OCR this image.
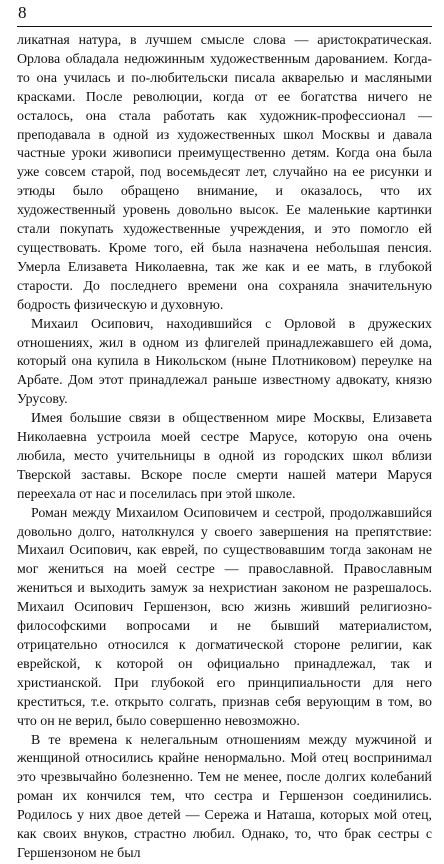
8

ликатная натура, в лучшем смысле слова — аристократическая. Орлова обладала недюжинным художественным дарованием. Когда-то она училась и по-любительски писала акварелью и масляными красками. После революции, когда от ее богатства ничего не осталось, она стала работать как художник-профессионал — преподавала в одной из художественных школ Москвы и давала частные уроки живописи преимущественно детям. Когда она была уже совсем старой, под восемьдесят лет, случайно на ее рисунки и этюды было обращено внимание, и оказалось, что их художественный уровень довольно высок. Ее маленькие картинки стали покупать художественные учреждения, и это помогло ей существовать. Кроме того, ей была назначена небольшая пенсия. Умерла Елизавета Николаевна, так же как и ее мать, в глубокой старости. До последнего времени она сохраняла значительную бодрость физическую и духовную.

Михаил Осипович, находившийся с Орловой в дружеских отношениях, жил в одном из флигелей принадлежавшего ей дома, который она купила в Никольском (ныне Плотниковом) переулке на Арбате. Дом этот принадлежал раньше известному адвокату, князю Урусову.

Имея большие связи в общественном мире Москвы, Елизавета Николаевна устроила моей сестре Марусе, которую она очень любила, место учительницы в одной из городских школ вблизи Тверской заставы. Вскоре после смерти нашей матери Маруся переехала от нас и поселилась при этой школе.

Роман между Михаилом Осиповичем и сестрой, продолжавшийся довольно долго, натолкнулся у своего завершения на препятствие: Михаил Осипович, как еврей, по существовавшим тогда законам не мог жениться на моей сестре — православной. Православным жениться и выходить замуж за нехристиан законом не разрешалось. Михаил Осипович Гершензон, всю жизнь живший религиозно-философскими вопросами и не бывший материалистом, отрицательно относился к догматической стороне религии, как еврейской, к которой он официально принадлежал, так и христианской. При глубокой его принципиальности для него креститься, т.е. открыто солгать, признав себя верующим в том, во что он не верил, было совершенно невозможно.

В те времена к нелегальным отношениям между мужчиной и женщиной относились крайне ненормально. Мой отец воспринимал это чрезвычайно болезненно. Тем не менее, после долгих колебаний роман их кончился тем, что сестра и Гершензон соединились. Родилось у них двое детей — Сережа и Наташа, которых мой отец, как своих внуков, страстно любил. Однако, то, что брак сестры с Гершензоном не был
